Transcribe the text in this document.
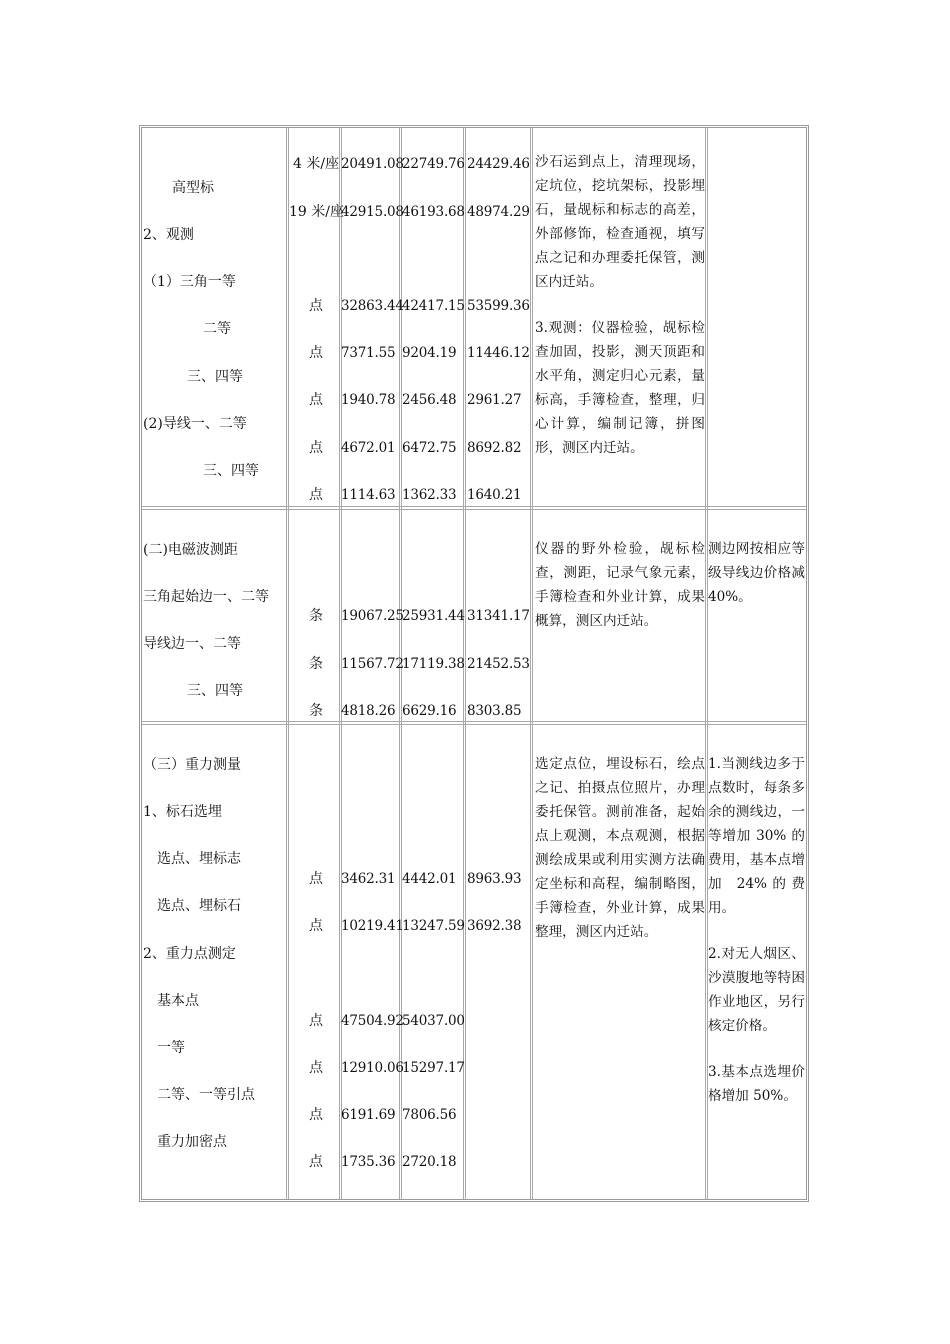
高型标
2、观测
（1）三角一等
二等
三、四等
(2)导线一、二等
三、四等
4 米/座
19 米/座
点
点
点
点
点
20491.08
42915.08
32863.44
7371.55
1940.78
4672.01
1114.63
22749.76
46193.68
42417.15
9204.19
2456.48
6472.75
1362.33
24429.46
48974.29
53599.36
11446.12
2961.27
8692.82
1640.21

沙石运到点上，清理现场，定坑位，挖坑架标，投影埋石，量觇标和标志的高差，外部修饰，检查通视，填写点之记和办理委托保管，测区内迁站。

3.观测：仪器检验，觇标检查加固，投影，测天顶距和水平角，测定归心元素，量标高，手簿检查，整理，归心计算，编制记簿，拼图形，测区内迁站。

(二)电磁波测距
三角起始边一、二等
导线边一、二等
三、四等
条
条
条
19067.25
11567.72
4818.26
25931.44
17119.38
6629.16
31341.17
21452.53
8303.85

仪器的野外检验，觇标检查，测距，记录气象元素，手簿检查和外业计算，成果概算，测区内迁站。

测边网按相应等级导线边价格减 40%。

（三）重力测量
1、标石选埋
选点、埋标志
选点、埋标石
2、重力点测定
基本点
一等
二等、一等引点
重力加密点
点
点
点
点
点
点
3462.31
10219.41
47504.92
12910.06
6191.69
1735.36
4442.01
13247.59
54037.00
15297.17
7806.56
2720.18
8963.93
3692.38

选定点位，埋设标石，绘点之记、拍摄点位照片，办理委托保管。测前准备，起始点上观测，本点观测，根据测绘成果或利用实测方法确定坐标和高程，编制略图，手簿检查，外业计算，成果整理，测区内迁站。

1.当测线边多于点数时，每条多余的测线边，一等增加 30% 的费用，基本点增加 24%的费用。

2.对无人烟区、沙漠腹地等特困作业地区，另行核定价格。

3.基本点选埋价格增加 50%。
